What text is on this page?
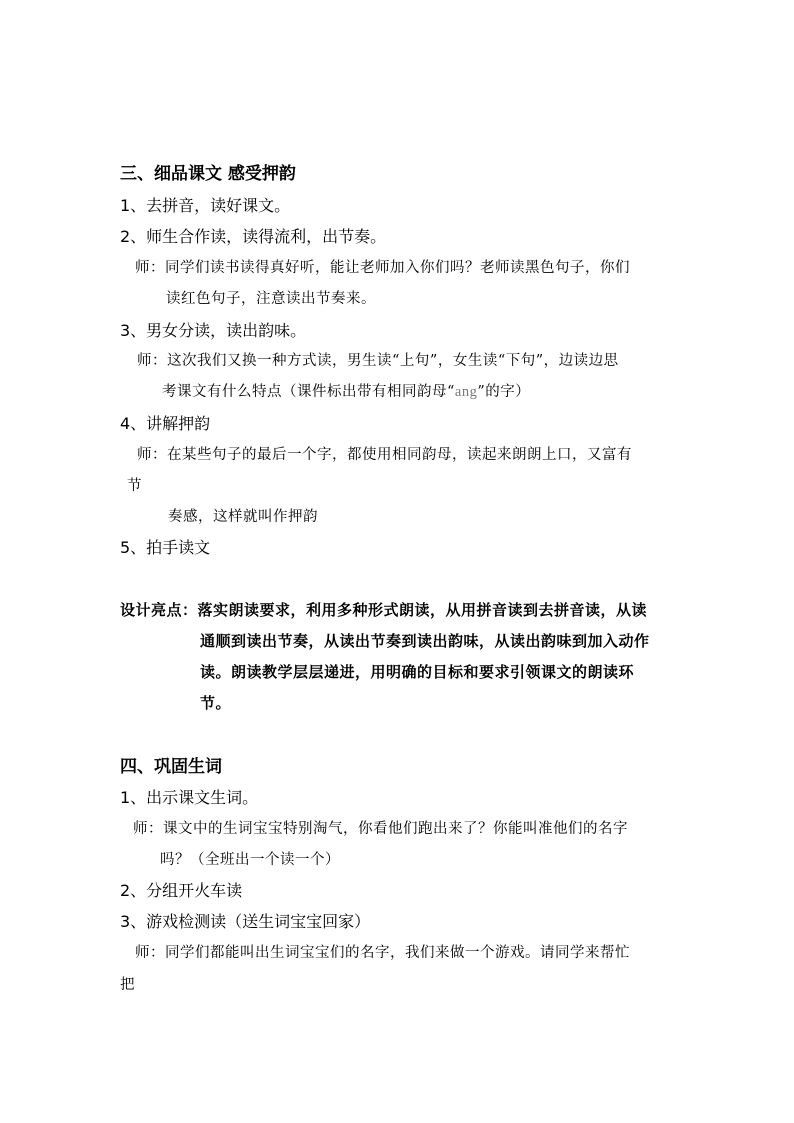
三、细品课文 感受押韵
1、去拼音，读好课文。
2、师生合作读，读得流利，出节奏。
师：同学们读书读得真好听，能让老师加入你们吗？老师读黑色句子，你们
读红色句子，注意读出节奏来。
3、男女分读，读出韵味。
师：这次我们又换一种方式读，男生读“上句”，女生读“下句”，边读边思
考课文有什么特点（课件标出带有相同韵母“ang”的字）
4、讲解押韵
师：在某些句子的最后一个字，都使用相同韵母，读起来朗朗上口，又富有
节
奏感，这样就叫作押韵
5、拍手读文
设计亮点：落实朗读要求，利用多种形式朗读，从用拼音读到去拼音读，从读
通顺到读出节奏，从读出节奏到读出韵味，从读出韵味到加入动作
读。朗读教学层层递进，用明确的目标和要求引领课文的朗读环
节。
四、巩固生词
1、出示课文生词。
师：课文中的生词宝宝特别淘气，你看他们跑出来了？你能叫准他们的名字
吗？（全班出一个读一个）
2、分组开火车读
3、游戏检测读（送生词宝宝回家）
师：同学们都能叫出生词宝宝们的名字，我们来做一个游戏。请同学来帮忙
把
